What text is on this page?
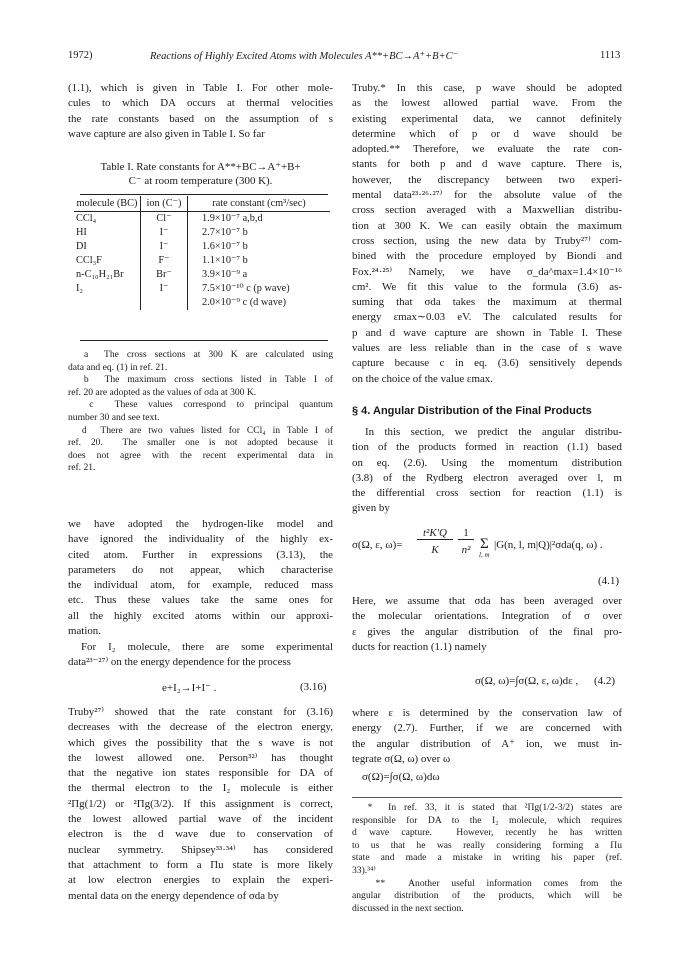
1972)	Reactions of Highly Excited Atoms with Molecules A**+BC→A⁺+B+C⁻	1113
(1.1), which is given in Table I. For other mole-
cules to which DA occurs at thermal velocities
the rate constants based on the assumption of s
wave capture are also given in Table I. So far
Table I. Rate constants for A**+BC→A⁺+B+
C⁻ at room temperature (300 K).
molecule (BC)	ion (C⁻)	rate constant (cm³/sec)
CCl₄	Cl⁻	1.9×10⁻⁷ a,b,d
HI	I⁻	2.7×10⁻⁷ b
DI	I⁻	1.6×10⁻⁷ b
CCl₃F	F⁻	1.1×10⁻⁷ b
n-C₁₀H₂₁Br	Br⁻	3.9×10⁻⁹ a
I₂	I⁻	7.5×10⁻¹⁰ c (p wave)
		2.0×10⁻⁹ c (d wave)
a  The cross sections at 300 K are calculated using
data and eq. (1) in ref. 21.
b  The maximum cross sections listed in Table I of
ref. 20 are adopted as the values of σda at 300 K.
c  These values correspond to principal quantum
number 30 and see text.
d  There are two values listed for CCl₄ in Table I of
ref. 20.  The smaller one is not adopted because it
does not agree with the recent experimental data in
ref. 21.
we have adopted the hydrogen-like model and
have ignored the individuality of the highly ex-
cited atom. Further in expressions (3.13), the
parameters do not appear, which characterise
the individual atom, for example, reduced mass
etc. Thus these values take the same ones for
all the highly excited atoms within our approxi-
mation.
For I₂ molecule, there are some experimental
data²³⁻²⁷⁾ on the energy dependence for the process
e+I₂→I+I⁻ .	(3.16)
Truby²⁷⁾ showed that the rate constant for (3.16)
decreases with the decrease of the electron energy,
which gives the possibility that the s wave is not
the lowest allowed one. Person³²⁾ has thought
that the negative ion states responsible for DA of
the thermal electron to the I₂ molecule is either
²Πg(1/2) or ²Πg(3/2). If this assignment is correct,
the lowest allowed partial wave of the incident
electron is the d wave due to conservation of
nuclear symmetry. Shipsey³³·³⁴⁾ has considered
that attachment to form a Πu state is more likely
at low electron energies to explain the experi-
mental data on the energy dependence of σda by
Truby.* In this case, p wave should be adopted
as the lowest allowed partial wave. From the
existing experimental data, we cannot definitely
determine which of p or d wave should be
adopted.** Therefore, we evaluate the rate con-
stants for both p and d wave capture. There is,
however, the discrepancy between two experi-
mental data²³·²⁶·²⁷⁾ for the absolute value of the
cross section averaged with a Maxwellian distribu-
tion at 300 K. We can easily obtain the maximum
cross section, using the new data by Truby²⁷⁾ com-
bined with the procedure employed by Biondi and
Fox.²⁴·²⁵⁾ Namely, we have σ_da^max=1.4×10⁻¹⁶
cm². We fit this value to the formula (3.6) as-
suming that σda takes the maximum at thermal
energy εmax∼0.03 eV. The calculated results for
p and d wave capture are shown in Table I. These
values are less reliable than in the case of s wave
capture because c in eq. (3.6) sensitively depends
on the choice of the value εmax.
§ 4. Angular Distribution of the Final Products
In this section, we predict the angular distribu-
tion of the products formed in reaction (1.1) based
on eq. (2.6). Using the momentum distribution
(3.8) of the Rydberg electron averaged over l, m
the differential cross section for reaction (1.1) is
given by
σ(Ω, ε, ω)=
t²K'Q
K
1
n² Σ
l, m
|G(n, l, m|Q)|²σda(q, ω) .
(4.1)
Here, we assume that σda has been averaged over
the molecular orientations. Integration of σ over
ε gives the angular distribution of the final pro-
ducts for reaction (1.1) namely
σ(Ω, ω)=∫σ(Ω, ε, ω)dε , (4.2)
where ε is determined by the conservation law of
energy (2.7). Further, if we are concerned with
the angular distribution of A⁺ ion, we must in-
tegrate σ(Ω, ω) over ω
σ(Ω)=∫σ(Ω, ω)dω
*  In ref. 33, it is stated that ²Πg(1/2-3/2) states are
responsible for DA to the I₂ molecule, which requires
d wave capture.  However, recently he has written
to us that he was really considering forming a Πu
state and made a mistake in writing his paper (ref.
33).³⁴⁾
**  Another useful information comes from the
angular distribution of the products, which will be
discussed in the next section.
